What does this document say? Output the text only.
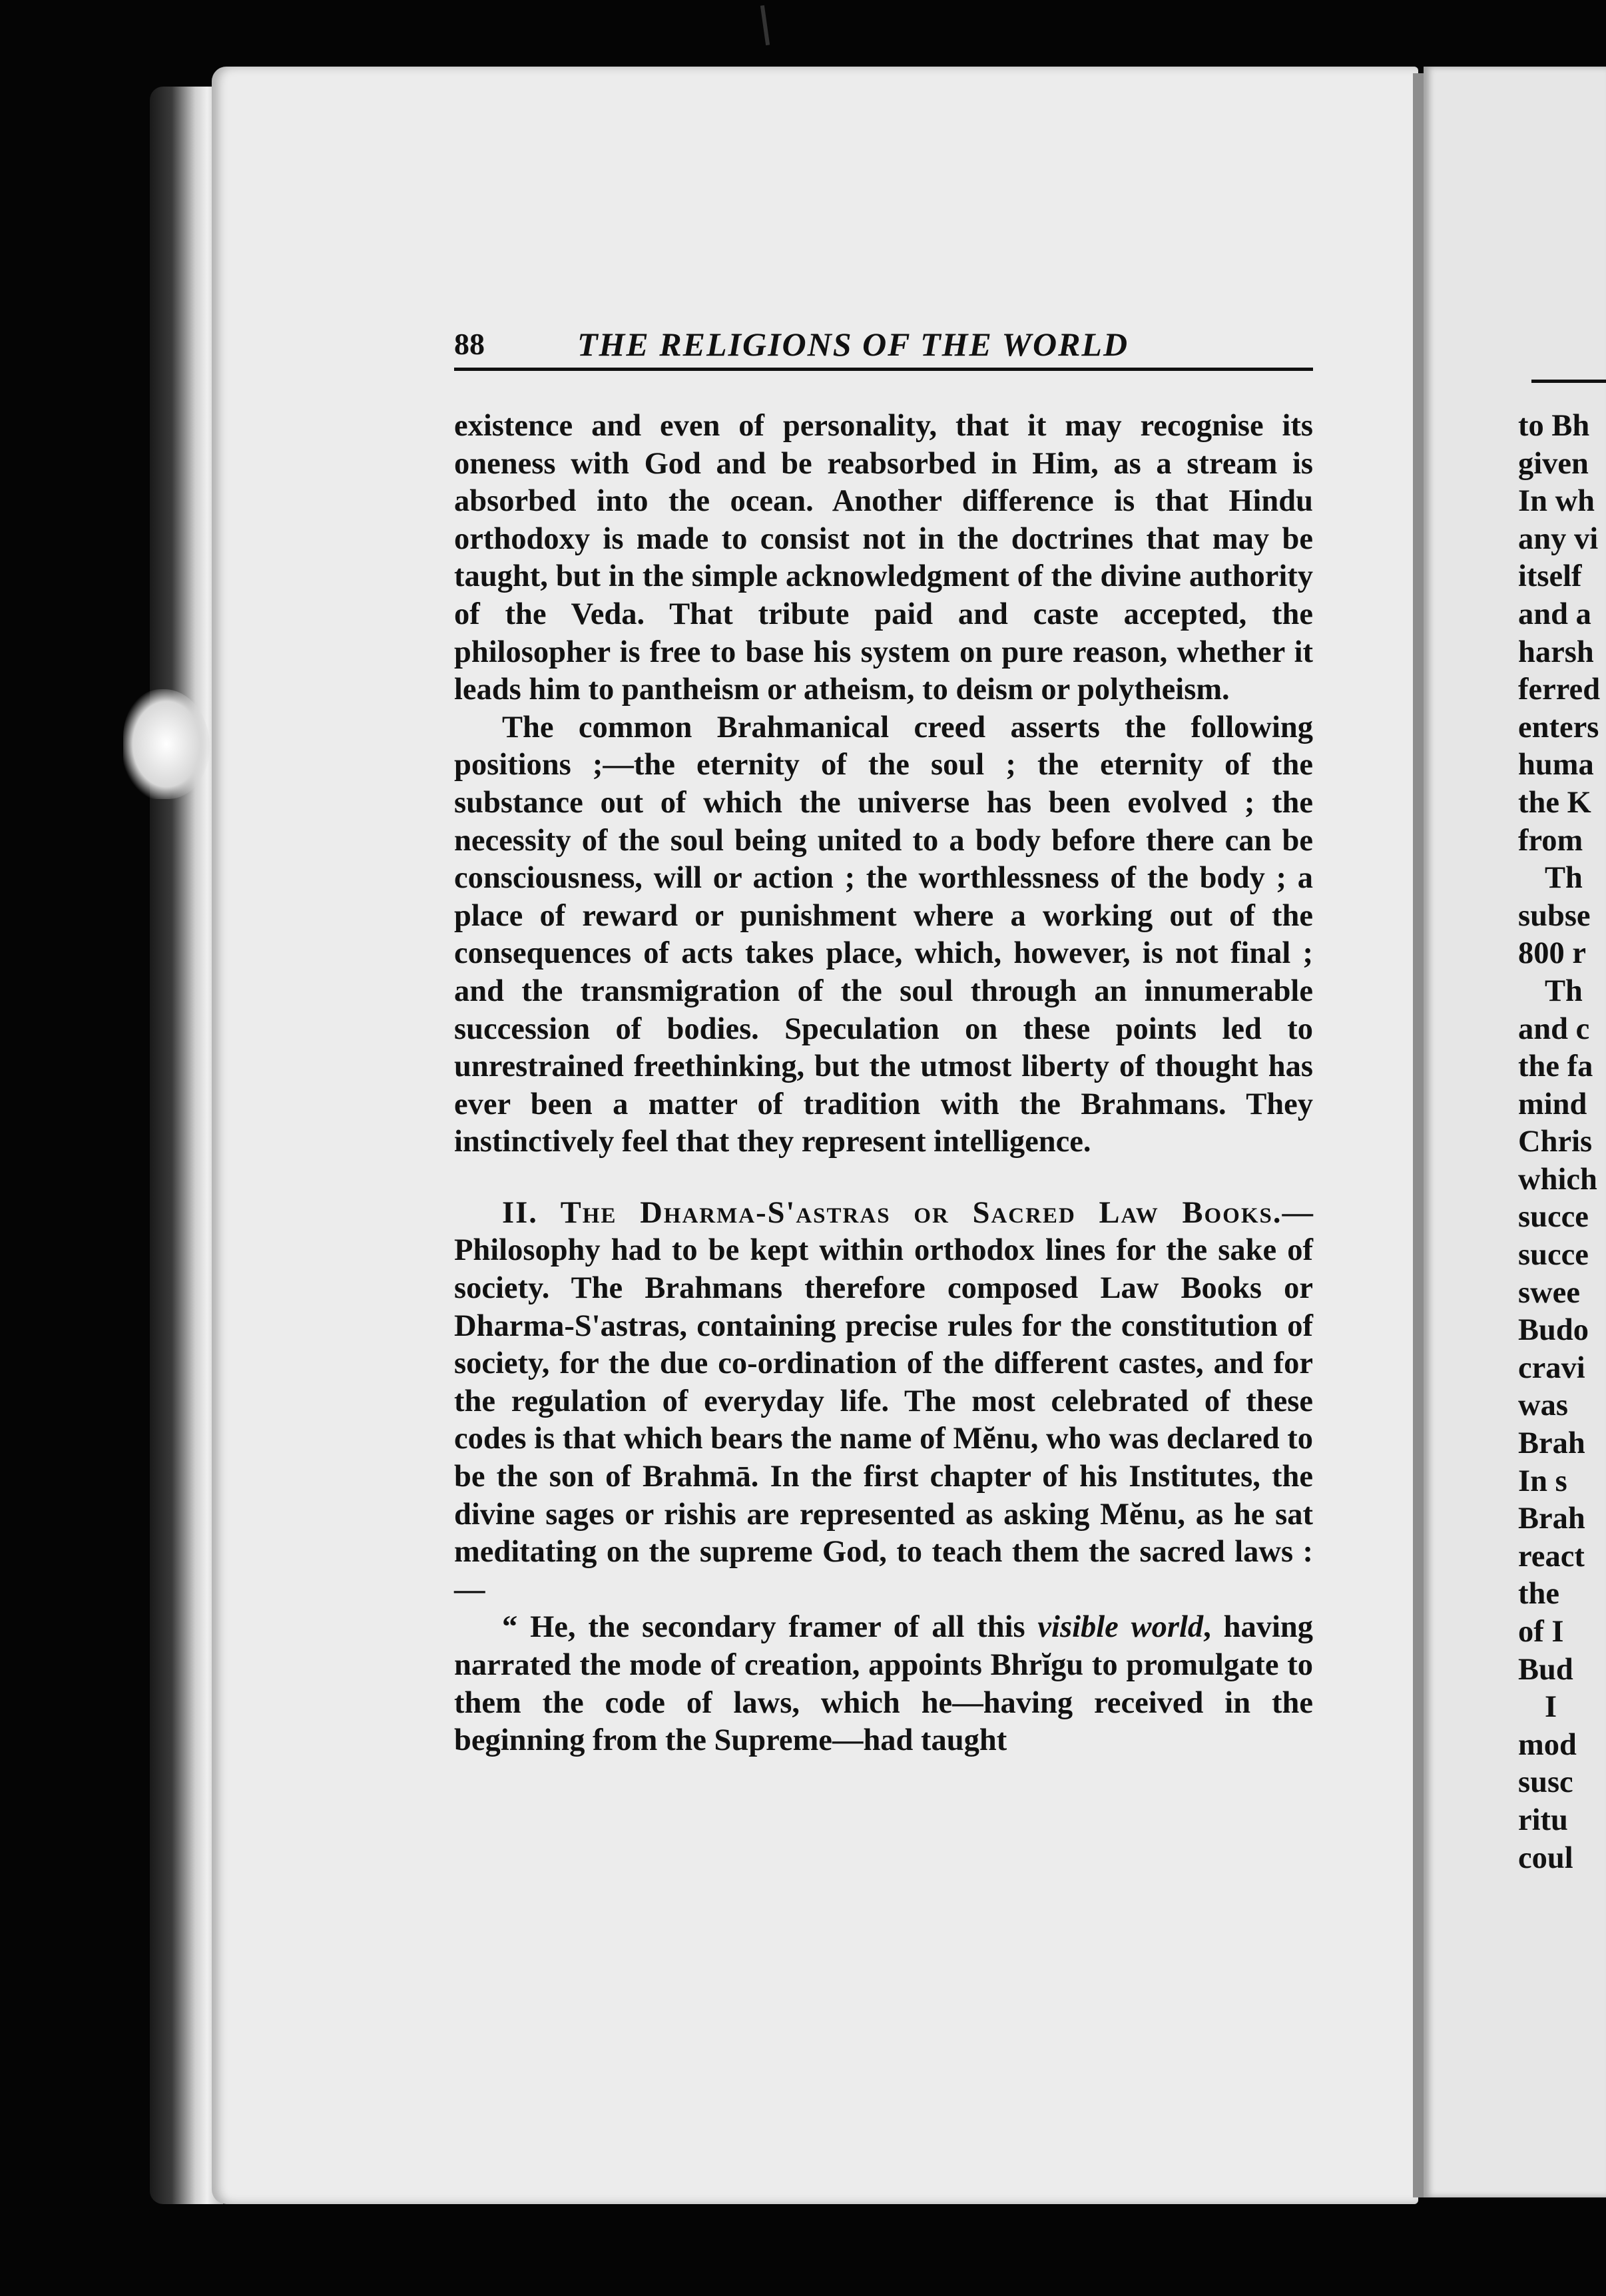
88	THE RELIGIONS OF THE WORLD

existence and even of personality, that it may recognise its oneness with God and be reabsorbed in Him, as a stream is absorbed into the ocean. Another difference is that Hindu orthodoxy is made to consist not in the doctrines that may be taught, but in the simple acknowledgment of the divine authority of the Veda. That tribute paid and caste accepted, the philosopher is free to base his system on pure reason, whether it leads him to pantheism or atheism, to deism or polytheism.

The common Brahmanical creed asserts the following positions ;—the eternity of the soul ; the eternity of the substance out of which the universe has been evolved ; the necessity of the soul being united to a body before there can be consciousness, will or action ; the worthlessness of the body ; a place of reward or punishment where a working out of the consequences of acts takes place, which, however, is not final ; and the transmigration of the soul through an innumerable succession of bodies. Speculation on these points led to unrestrained freethinking, but the utmost liberty of thought has ever been a matter of tradition with the Brahmans. They instinctively feel that they represent intelligence.

II. The Dharma-S'astras or Sacred Law Books.—Philosophy had to be kept within orthodox lines for the sake of society. The Brahmans therefore composed Law Books or Dharma-S'astras, containing precise rules for the constitution of society, for the due co-ordination of the different castes, and for the regulation of everyday life. The most celebrated of these codes is that which bears the name of Mĕnu, who was declared to be the son of Brahmā. In the first chapter of his Institutes, the divine sages or rishis are represented as asking Mĕnu, as he sat meditating on the supreme God, to teach them the sacred laws :—

“ He, the secondary framer of all this visible world, having narrated the mode of creation, appoints Bhrĭgu to promulgate to them the code of laws, which he—having received in the beginning from the Supreme—had taught

to Bh
given
In wh
any vi
itself
and a
harsh
ferred
enters
huma
the K
from
Th
subse
800 r
Th
and c
the fa
mind
Chris
which
succe
succe
swee
Budo
cravi
was
Brah
In s
Brah
react
the
of I
Bud
I
mod
susc
ritu
coul
